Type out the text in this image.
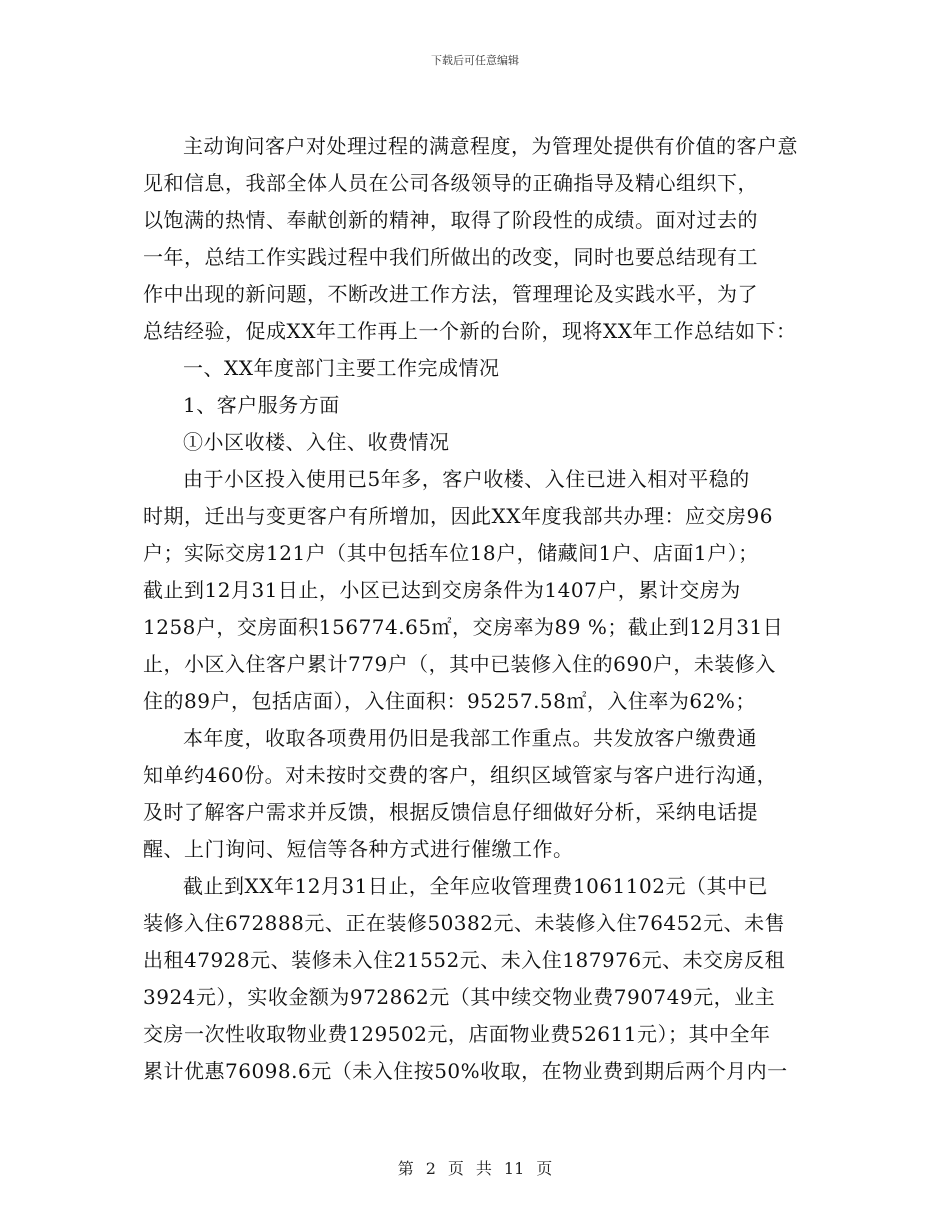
下载后可任意编辑
主动询问客户对处理过程的满意程度，为管理处提供有价值的客户意
见和信息，我部全体人员在公司各级领导的正确指导及精心组织下，
以饱满的热情、奉献创新的精神，取得了阶段性的成绩。面对过去的
一年，总结工作实践过程中我们所做出的改变，同时也要总结现有工
作中出现的新问题，不断改进工作方法，管理理论及实践水平，为了
总结经验，促成XX年工作再上一个新的台阶，现将XX年工作总结如下：
一、XX年度部门主要工作完成情况
1、客户服务方面
①小区收楼、入住、收费情况
由于小区投入使用已5年多，客户收楼、入住已进入相对平稳的
时期，迁出与变更客户有所增加，因此XX年度我部共办理：应交房96
户；实际交房121户（其中包括车位18户，储藏间1户、店面1户）；
截止到12月31日止，小区已达到交房条件为1407户，累计交房为
1258户，交房面积156774.65㎡，交房率为89 %；截止到12月31日
止，小区入住客户累计779户（，其中已装修入住的690户，未装修入
住的89户，包括店面），入住面积：95257.58㎡，入住率为62%；
本年度，收取各项费用仍旧是我部工作重点。共发放客户缴费通
知单约460份。对未按时交费的客户，组织区域管家与客户进行沟通，
及时了解客户需求并反馈，根据反馈信息仔细做好分析，采纳电话提
醒、上门询问、短信等各种方式进行催缴工作。
截止到XX年12月31日止，全年应收管理费1061102元（其中已
装修入住672888元、正在装修50382元、未装修入住76452元、未售
出租47928元、装修未入住21552元、未入住187976元、未交房反租
3924元），实收金额为972862元（其中续交物业费790749元，业主
交房一次性收取物业费129502元，店面物业费52611元）；其中全年
累计优惠76098.6元（未入住按50%收取，在物业费到期后两个月内一
第 2 页 共 11 页
